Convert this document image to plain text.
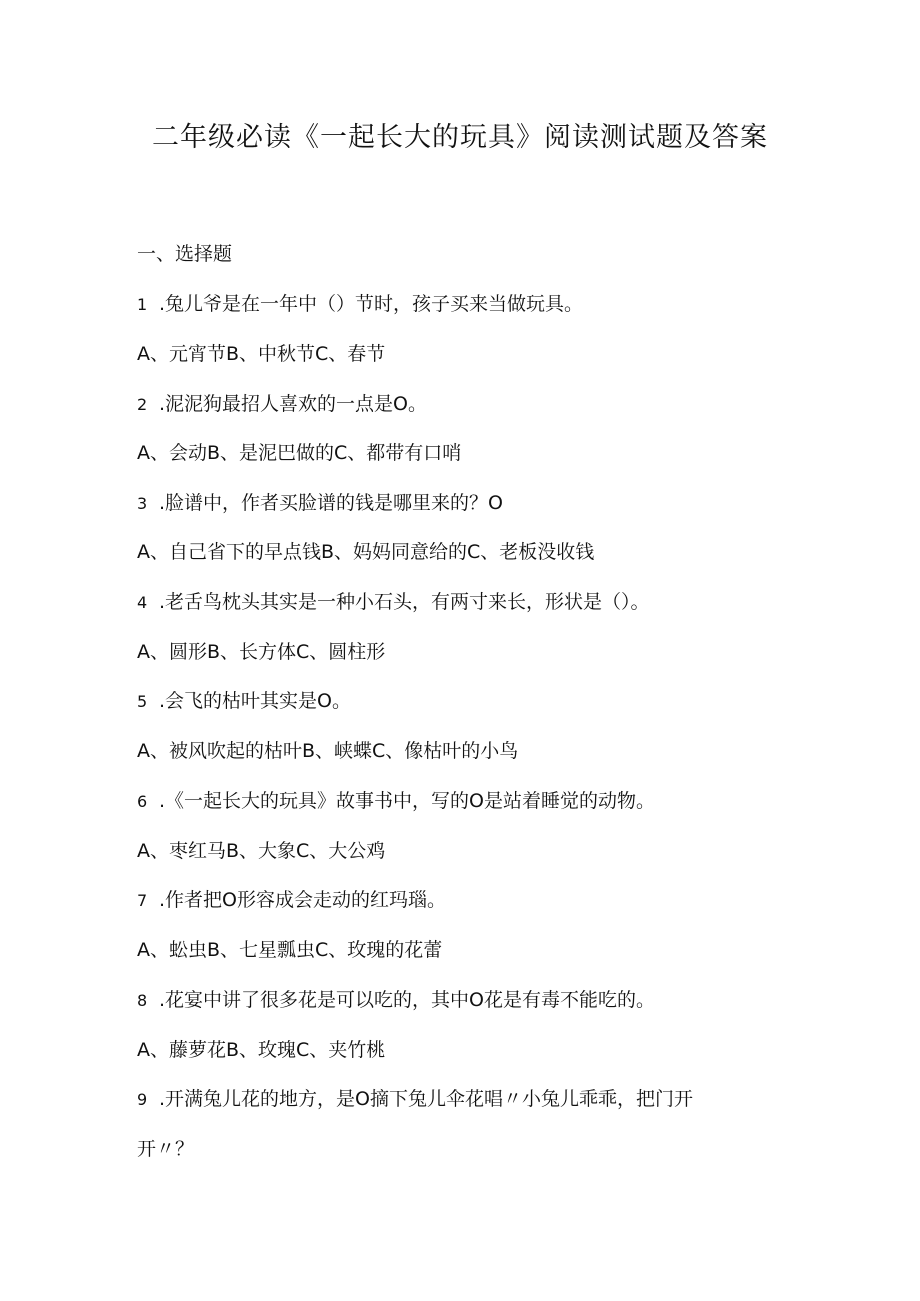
二年级必读《一起长大的玩具》阅读测试题及答案
一、选择题
1 .兔儿爷是在一年中（）节时，孩子买来当做玩具。
A、元宵节B、中秋节C、春节
2 .泥泥狗最招人喜欢的一点是O。
A、会动B、是泥巴做的C、都带有口哨
3 .脸谱中，作者买脸谱的钱是哪里来的？O
A、自己省下的早点钱B、妈妈同意给的C、老板没收钱
4 .老舌鸟枕头其实是一种小石头，有两寸来长，形状是（）。
A、圆形B、长方体C、圆柱形
5 .会飞的枯叶其实是O。
A、被风吹起的枯叶B、峡蝶C、像枯叶的小鸟
6 .《一起长大的玩具》故事书中，写的O是站着睡觉的动物。
A、枣红马B、大象C、大公鸡
7 .作者把O形容成会走动的红玛瑙。
A、蚣虫B、七星瓢虫C、玫瑰的花蕾
8 .花宴中讲了很多花是可以吃的，其中O花是有毒不能吃的。
A、藤萝花B、玫瑰C、夹竹桃
9 .开满兔儿花的地方，是O摘下兔儿伞花唱〃小兔儿乖乖，把门开
开〃？
